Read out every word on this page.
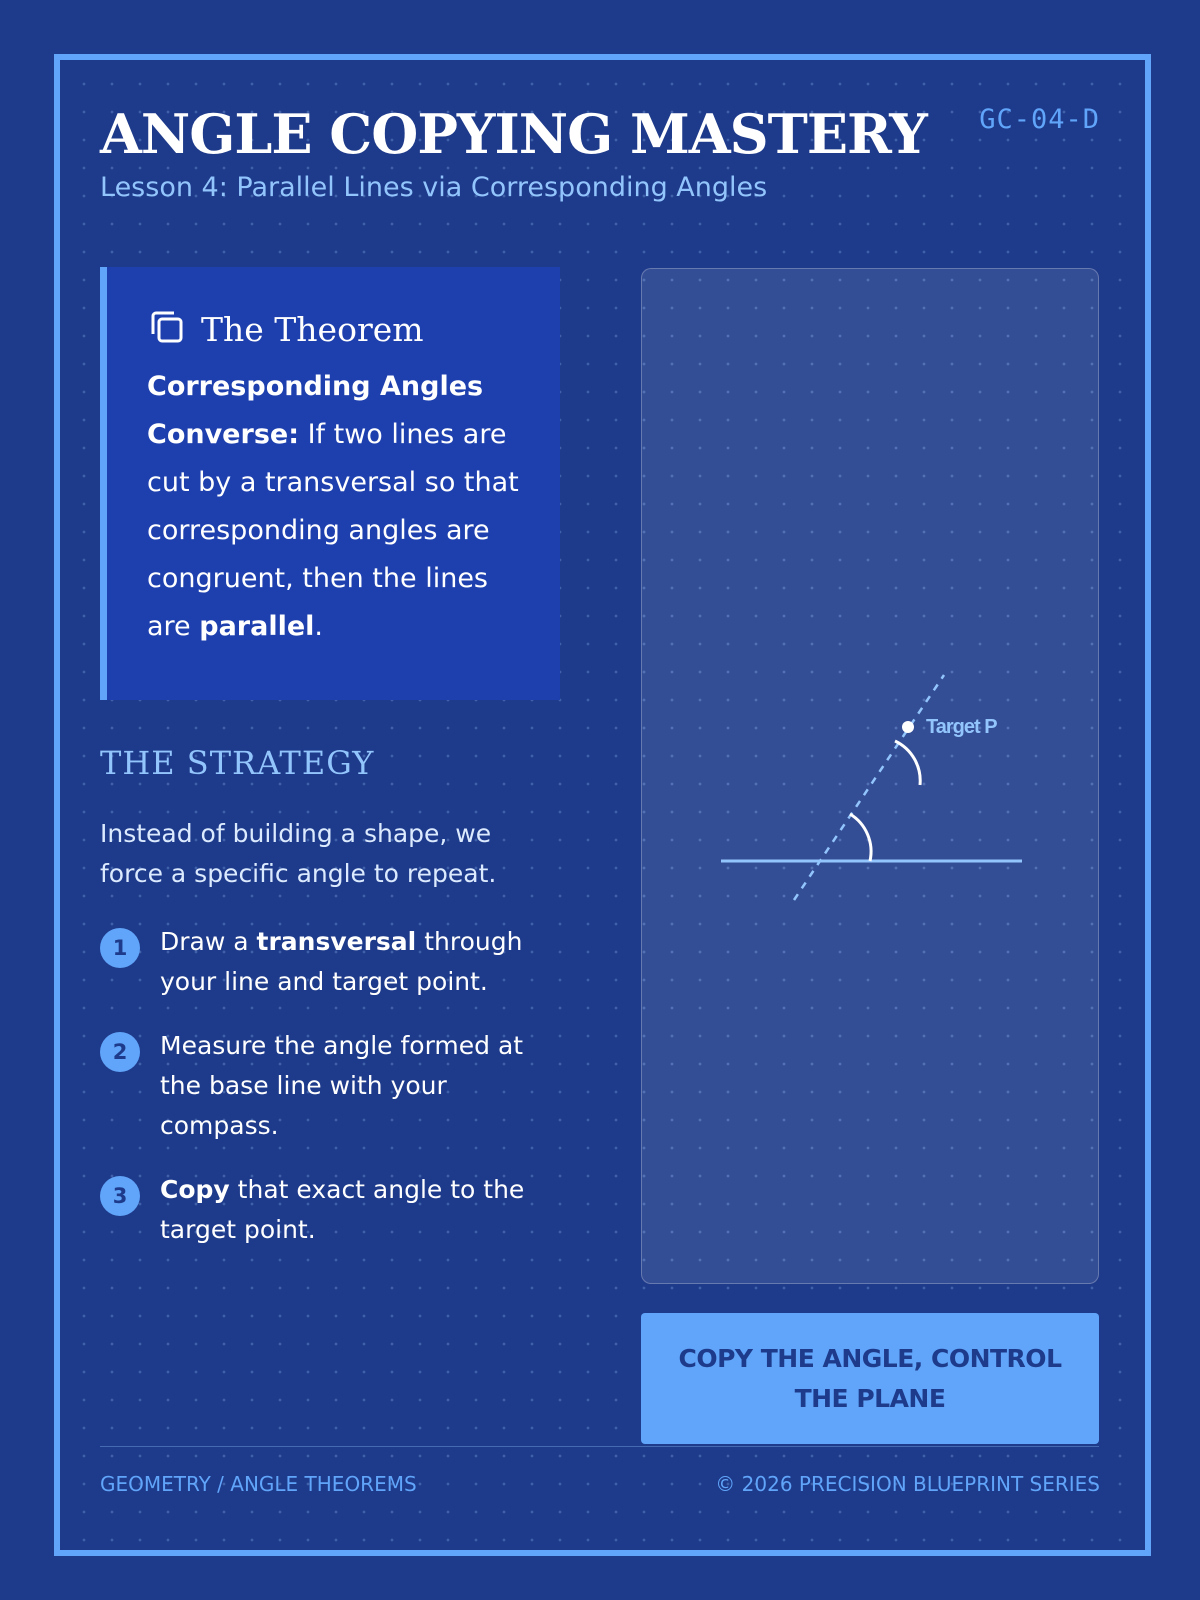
ANGLE COPYING MASTERY GC-04-D
Lesson 4: Parallel Lines via Corresponding Angles
The Theorem
Corresponding Angles Converse: If two lines are cut by a transversal so that corresponding angles are congruent, then the lines are parallel.
THE STRATEGY
Instead of building a shape, we force a specific angle to repeat.
1	Draw a transversal through your line and target point.
2	Measure the angle formed at the base line with your compass.
3	Copy that exact angle to the target point.
Target P
COPY THE ANGLE, CONTROL THE PLANE
GEOMETRY / ANGLE THEOREMS	© 2026 PRECISION BLUEPRINT SERIES
